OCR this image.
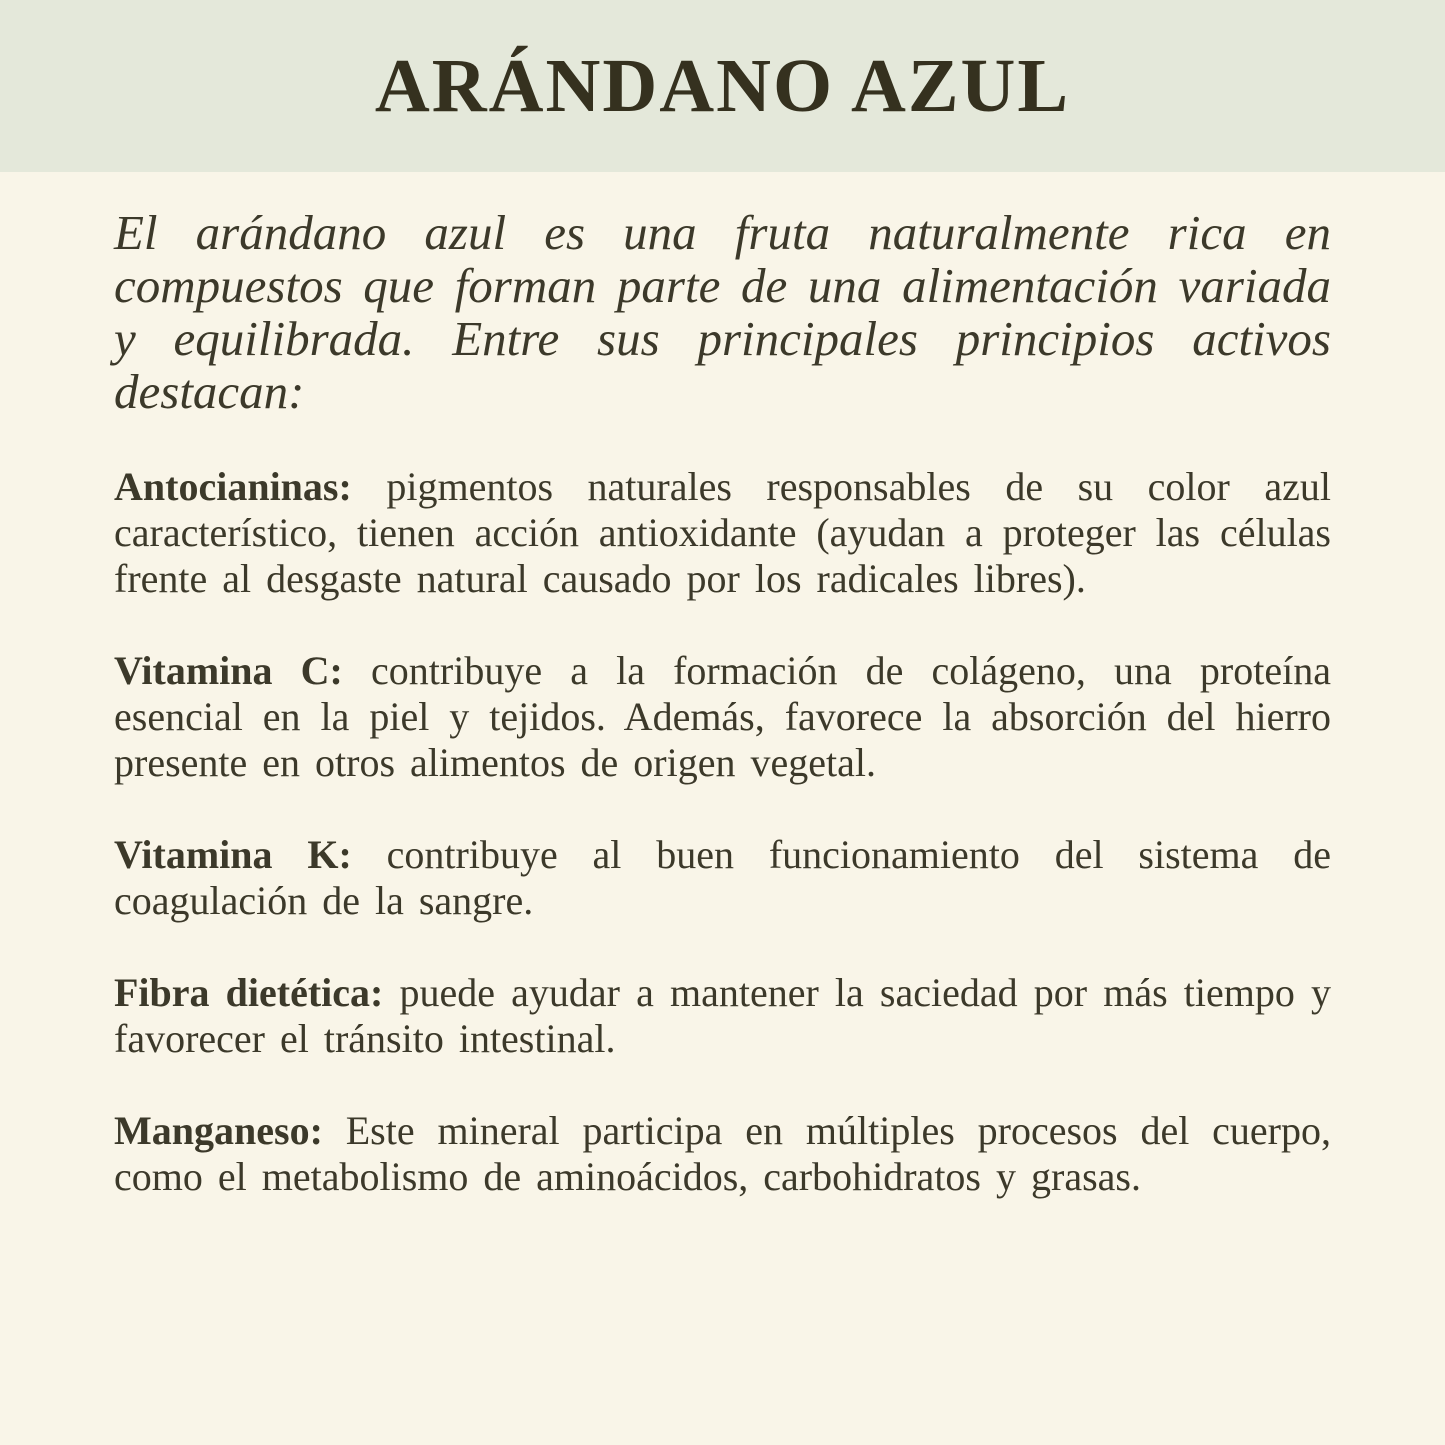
ARÁNDANO AZUL

El arándano azul es una fruta naturalmente rica en compuestos que forman parte de una alimentación variada y equilibrada. Entre sus principales principios activos destacan:

Antocianinas: pigmentos naturales responsables de su color azul característico, tienen acción antioxidante (ayudan a proteger las células frente al desgaste natural causado por los radicales libres).

Vitamina C: contribuye a la formación de colágeno, una proteína esencial en la piel y tejidos. Además, favorece la absorción del hierro presente en otros alimentos de origen vegetal.

Vitamina K: contribuye al buen funcionamiento del sistema de coagulación de la sangre.

Fibra dietética: puede ayudar a mantener la saciedad por más tiempo y favorecer el tránsito intestinal.

Manganeso: Este mineral participa en múltiples procesos del cuerpo, como el metabolismo de aminoácidos, carbohidratos y grasas.
